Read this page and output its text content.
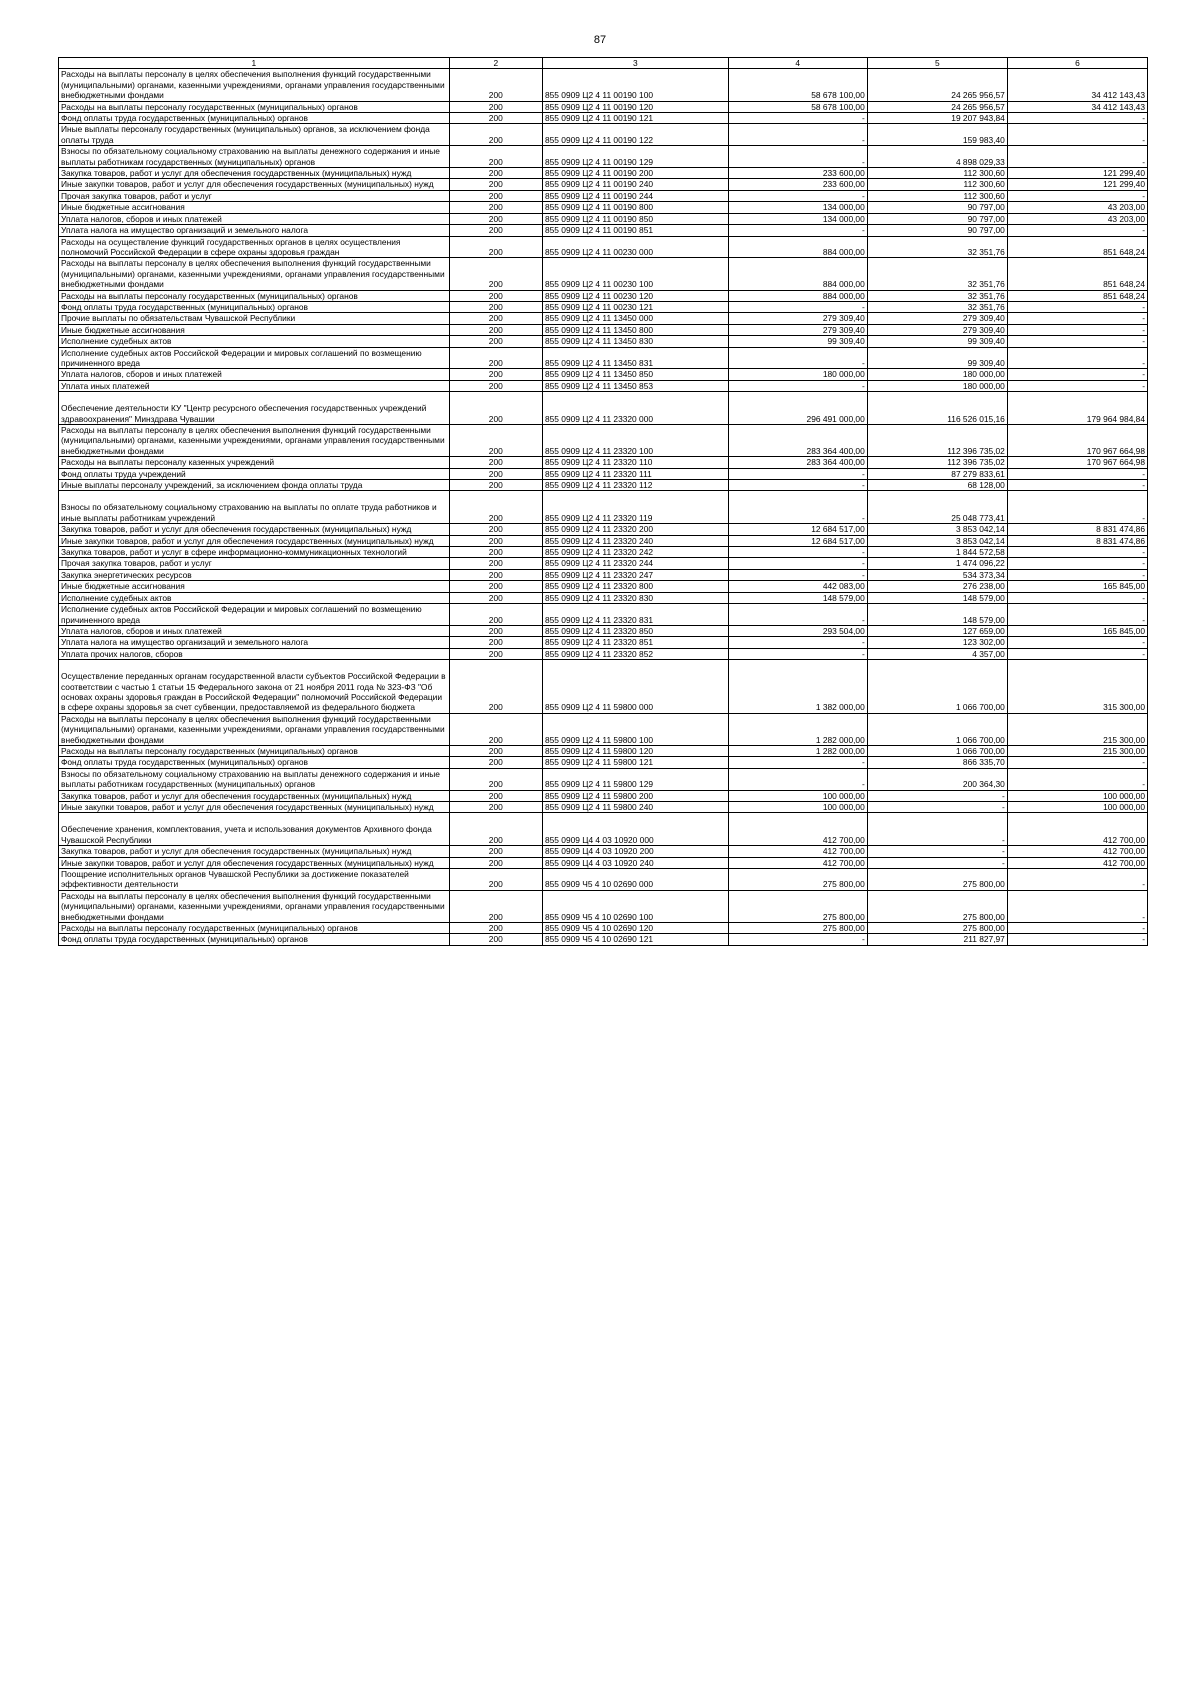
87
1	2	3	4	5	6
Расходы на выплаты персоналу в целях обеспечения выполнения функций государственными (муниципальными) органами, казенными учреждениями, органами управления государственными внебюджетными фондами	200	855 0909 Ц2 4 11 00190 100	58 678 100,00	24 265 956,57	34 412 143,43
Расходы на выплаты персоналу государственных (муниципальных) органов	200	855 0909 Ц2 4 11 00190 120	58 678 100,00	24 265 956,57	34 412 143,43
Фонд оплаты труда государственных (муниципальных) органов	200	855 0909 Ц2 4 11 00190 121	-	19 207 943,84	-
Иные выплаты персоналу государственных (муниципальных) органов, за исключением фонда оплаты труда	200	855 0909 Ц2 4 11 00190 122	-	159 983,40	-
Взносы по обязательному социальному страхованию на выплаты денежного содержания и иные выплаты работникам государственных (муниципальных) органов	200	855 0909 Ц2 4 11 00190 129	-	4 898 029,33	-
Закупка товаров, работ и услуг для обеспечения государственных (муниципальных) нужд	200	855 0909 Ц2 4 11 00190 200	233 600,00	112 300,60	121 299,40
Иные закупки товаров, работ и услуг для обеспечения государственных (муниципальных) нужд	200	855 0909 Ц2 4 11 00190 240	233 600,00	112 300,60	121 299,40
Прочая закупка товаров, работ и услуг	200	855 0909 Ц2 4 11 00190 244	-	112 300,60	-
Иные бюджетные ассигнования	200	855 0909 Ц2 4 11 00190 800	134 000,00	90 797,00	43 203,00
Уплата налогов, сборов и иных платежей	200	855 0909 Ц2 4 11 00190 850	134 000,00	90 797,00	43 203,00
Уплата налога на имущество организаций и земельного налога	200	855 0909 Ц2 4 11 00190 851	-	90 797,00	-
Расходы на осуществление функций государственных органов в целях осуществления полномочий Российской Федерации в сфере охраны здоровья граждан	200	855 0909 Ц2 4 11 00230 000	884 000,00	32 351,76	851 648,24
Расходы на выплаты персоналу в целях обеспечения выполнения функций государственными (муниципальными) органами, казенными учреждениями, органами управления государственными внебюджетными фондами	200	855 0909 Ц2 4 11 00230 100	884 000,00	32 351,76	851 648,24
Расходы на выплаты персоналу государственных (муниципальных) органов	200	855 0909 Ц2 4 11 00230 120	884 000,00	32 351,76	851 648,24
Фонд оплаты труда государственных (муниципальных) органов	200	855 0909 Ц2 4 11 00230 121	-	32 351,76	-
Прочие выплаты по обязательствам Чувашской Республики	200	855 0909 Ц2 4 11 13450 000	279 309,40	279 309,40	-
Иные бюджетные ассигнования	200	855 0909 Ц2 4 11 13450 800	279 309,40	279 309,40	-
Исполнение судебных актов	200	855 0909 Ц2 4 11 13450 830	99 309,40	99 309,40	-
Исполнение судебных актов Российской Федерации и мировых соглашений по возмещению причиненного вреда	200	855 0909 Ц2 4 11 13450 831	-	99 309,40	-
Уплата налогов, сборов и иных платежей	200	855 0909 Ц2 4 11 13450 850	180 000,00	180 000,00	-
Уплата иных платежей	200	855 0909 Ц2 4 11 13450 853	-	180 000,00	-
Обеспечение деятельности КУ "Центр ресурсного обеспечения государственных учреждений здравоохранения" Минздрава Чувашии	200	855 0909 Ц2 4 11 23320 000	296 491 000,00	116 526 015,16	179 964 984,84
Расходы на выплаты персоналу в целях обеспечения выполнения функций государственными (муниципальными) органами, казенными учреждениями, органами управления государственными внебюджетными фондами	200	855 0909 Ц2 4 11 23320 100	283 364 400,00	112 396 735,02	170 967 664,98
Расходы на выплаты персоналу казенных учреждений	200	855 0909 Ц2 4 11 23320 110	283 364 400,00	112 396 735,02	170 967 664,98
Фонд оплаты труда учреждений	200	855 0909 Ц2 4 11 23320 111	-	87 279 833,61	-
Иные выплаты персоналу учреждений, за исключением фонда оплаты труда	200	855 0909 Ц2 4 11 23320 112	-	68 128,00	-
Взносы по обязательному социальному страхованию на выплаты по оплате труда работников и иные выплаты работникам учреждений	200	855 0909 Ц2 4 11 23320 119	-	25 048 773,41	-
Закупка товаров, работ и услуг для обеспечения государственных (муниципальных) нужд	200	855 0909 Ц2 4 11 23320 200	12 684 517,00	3 853 042,14	8 831 474,86
Иные закупки товаров, работ и услуг для обеспечения государственных (муниципальных) нужд	200	855 0909 Ц2 4 11 23320 240	12 684 517,00	3 853 042,14	8 831 474,86
Закупка товаров, работ и услуг в сфере информационно-коммуникационных технологий	200	855 0909 Ц2 4 11 23320 242	-	1 844 572,58	-
Прочая закупка товаров, работ и услуг	200	855 0909 Ц2 4 11 23320 244	-	1 474 096,22	-
Закупка энергетических ресурсов	200	855 0909 Ц2 4 11 23320 247	-	534 373,34	-
Иные бюджетные ассигнования	200	855 0909 Ц2 4 11 23320 800	442 083,00	276 238,00	165 845,00
Исполнение судебных актов	200	855 0909 Ц2 4 11 23320 830	148 579,00	148 579,00	-
Исполнение судебных актов Российской Федерации и мировых соглашений по возмещению причиненного вреда	200	855 0909 Ц2 4 11 23320 831	-	148 579,00	-
Уплата налогов, сборов и иных платежей	200	855 0909 Ц2 4 11 23320 850	293 504,00	127 659,00	165 845,00
Уплата налога на имущество организаций и земельного налога	200	855 0909 Ц2 4 11 23320 851	-	123 302,00	-
Уплата прочих налогов, сборов	200	855 0909 Ц2 4 11 23320 852	-	4 357,00	-
Осуществление переданных органам государственной власти субъектов Российской Федерации в соответствии с частью 1 статьи 15 Федерального закона от 21 ноября 2011 года № 323-ФЗ "Об основах охраны здоровья граждан в Российской Федерации" полномочий Российской Федерации в сфере охраны здоровья за счет субвенции, предоставляемой из федерального бюджета	200	855 0909 Ц2 4 11 59800 000	1 382 000,00	1 066 700,00	315 300,00
Расходы на выплаты персоналу в целях обеспечения выполнения функций государственными (муниципальными) органами, казенными учреждениями, органами управления государственными внебюджетными фондами	200	855 0909 Ц2 4 11 59800 100	1 282 000,00	1 066 700,00	215 300,00
Расходы на выплаты персоналу государственных (муниципальных) органов	200	855 0909 Ц2 4 11 59800 120	1 282 000,00	1 066 700,00	215 300,00
Фонд оплаты труда государственных (муниципальных) органов	200	855 0909 Ц2 4 11 59800 121	-	866 335,70	-
Взносы по обязательному социальному страхованию на выплаты денежного содержания и иные выплаты работникам государственных (муниципальных) органов	200	855 0909 Ц2 4 11 59800 129	-	200 364,30	-
Закупка товаров, работ и услуг для обеспечения государственных (муниципальных) нужд	200	855 0909 Ц2 4 11 59800 200	100 000,00	-	100 000,00
Иные закупки товаров, работ и услуг для обеспечения государственных (муниципальных) нужд	200	855 0909 Ц2 4 11 59800 240	100 000,00	-	100 000,00
Обеспечение хранения, комплектования, учета и использования документов Архивного фонда Чувашской Республики	200	855 0909 Ц4 4 03 10920 000	412 700,00	-	412 700,00
Закупка товаров, работ и услуг для обеспечения государственных (муниципальных) нужд	200	855 0909 Ц4 4 03 10920 200	412 700,00	-	412 700,00
Иные закупки товаров, работ и услуг для обеспечения государственных (муниципальных) нужд	200	855 0909 Ц4 4 03 10920 240	412 700,00	-	412 700,00
Поощрение исполнительных органов Чувашской Республики за достижение показателей эффективности деятельности	200	855 0909 Ч5 4 10 02690 000	275 800,00	275 800,00	-
Расходы на выплаты персоналу в целях обеспечения выполнения функций государственными (муниципальными) органами, казенными учреждениями, органами управления государственными внебюджетными фондами	200	855 0909 Ч5 4 10 02690 100	275 800,00	275 800,00	-
Расходы на выплаты персоналу государственных (муниципальных) органов	200	855 0909 Ч5 4 10 02690 120	275 800,00	275 800,00	-
Фонд оплаты труда государственных (муниципальных) органов	200	855 0909 Ч5 4 10 02690 121	-	211 827,97	-
